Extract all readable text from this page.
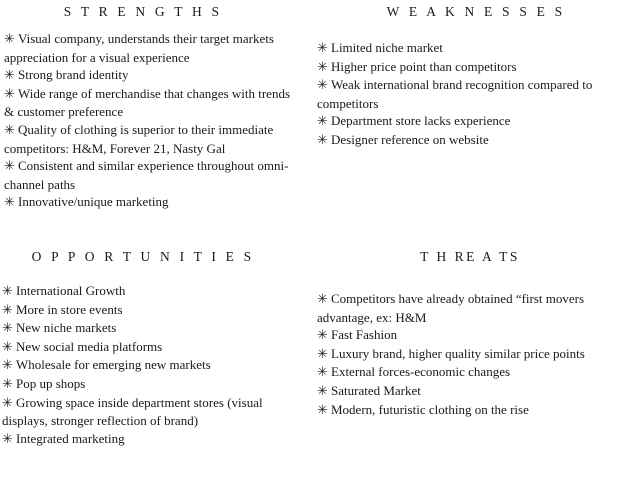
S T R E N G T H S
✳ Visual company, understands their target markets appreciation for a visual experience
✳ Strong brand identity
✳ Wide range of merchandise that changes with trends & customer preference
✳ Quality of clothing is superior to their immediate competitors: H&M, Forever 21, Nasty Gal
✳ Consistent and similar experience throughout omni-channel paths
✳ Innovative/unique marketing
W E A K N E S S E S
✳ Limited niche market
✳ Higher price point than competitors
✳ Weak international brand recognition compared to competitors
✳ Department store lacks experience
✳ Designer reference on website
O P P O R T U N I T I E S
✳ International Growth
✳ More in store events
✳ New niche markets
✳ New social media platforms
✳ Wholesale for emerging new markets
✳ Pop up shops
✳ Growing space inside department stores (visual displays, stronger reflection of brand)
✳ Integrated marketing
T H RE A TS
✳ Competitors have already obtained “first movers advantage, ex: H&M
✳ Fast Fashion
✳ Luxury brand, higher quality similar price points
✳ External forces-economic changes
✳ Saturated Market
✳ Modern, futuristic clothing on the rise
